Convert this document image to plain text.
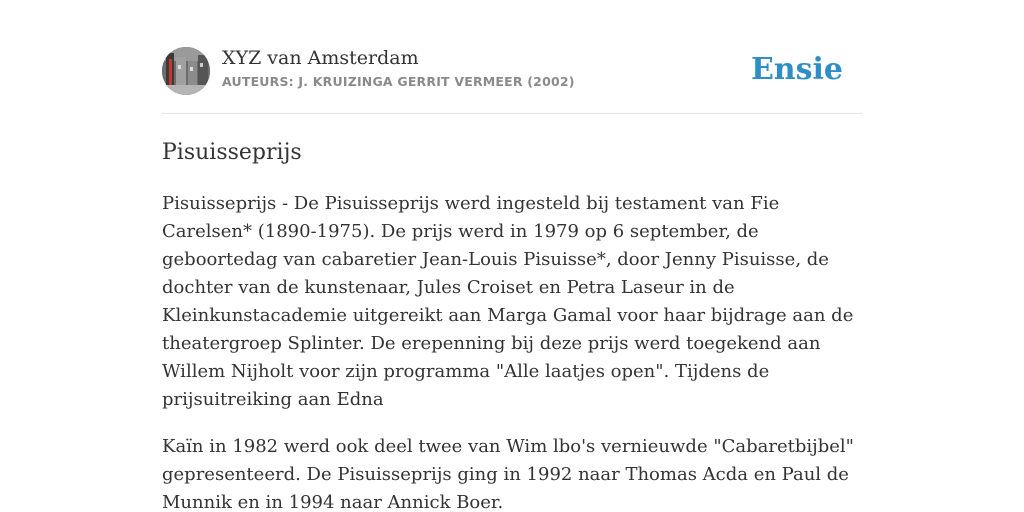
XYZ van Amsterdam
AUTEURS: J. KRUIZINGA GERRIT VERMEER (2002)	Ensie
Pisuisseprijs

Pisuisseprijs - De Pisuisseprijs werd ingesteld bij testament van Fie Carelsen* (1890-1975). De prijs werd in 1979 op 6 september, de geboortedag van cabaretier Jean-Louis Pisuisse*, door Jenny Pisuisse, de dochter van de kunstenaar, Jules Croiset en Petra Laseur in de Kleinkunstacademie uitgereikt aan Marga Gamal voor haar bijdrage aan de theatergroep Splinter. De erepenning bij deze prijs werd toegekend aan Willem Nijholt voor zijn programma "Alle laatjes open". Tijdens de prijsuitreiking aan Edna

Kaïn in 1982 werd ook deel twee van Wim lbo's vernieuwde "Cabaretbijbel" gepresenteerd. De Pisuisseprijs ging in 1992 naar Thomas Acda en Paul de Munnik en in 1994 naar Annick Boer.
